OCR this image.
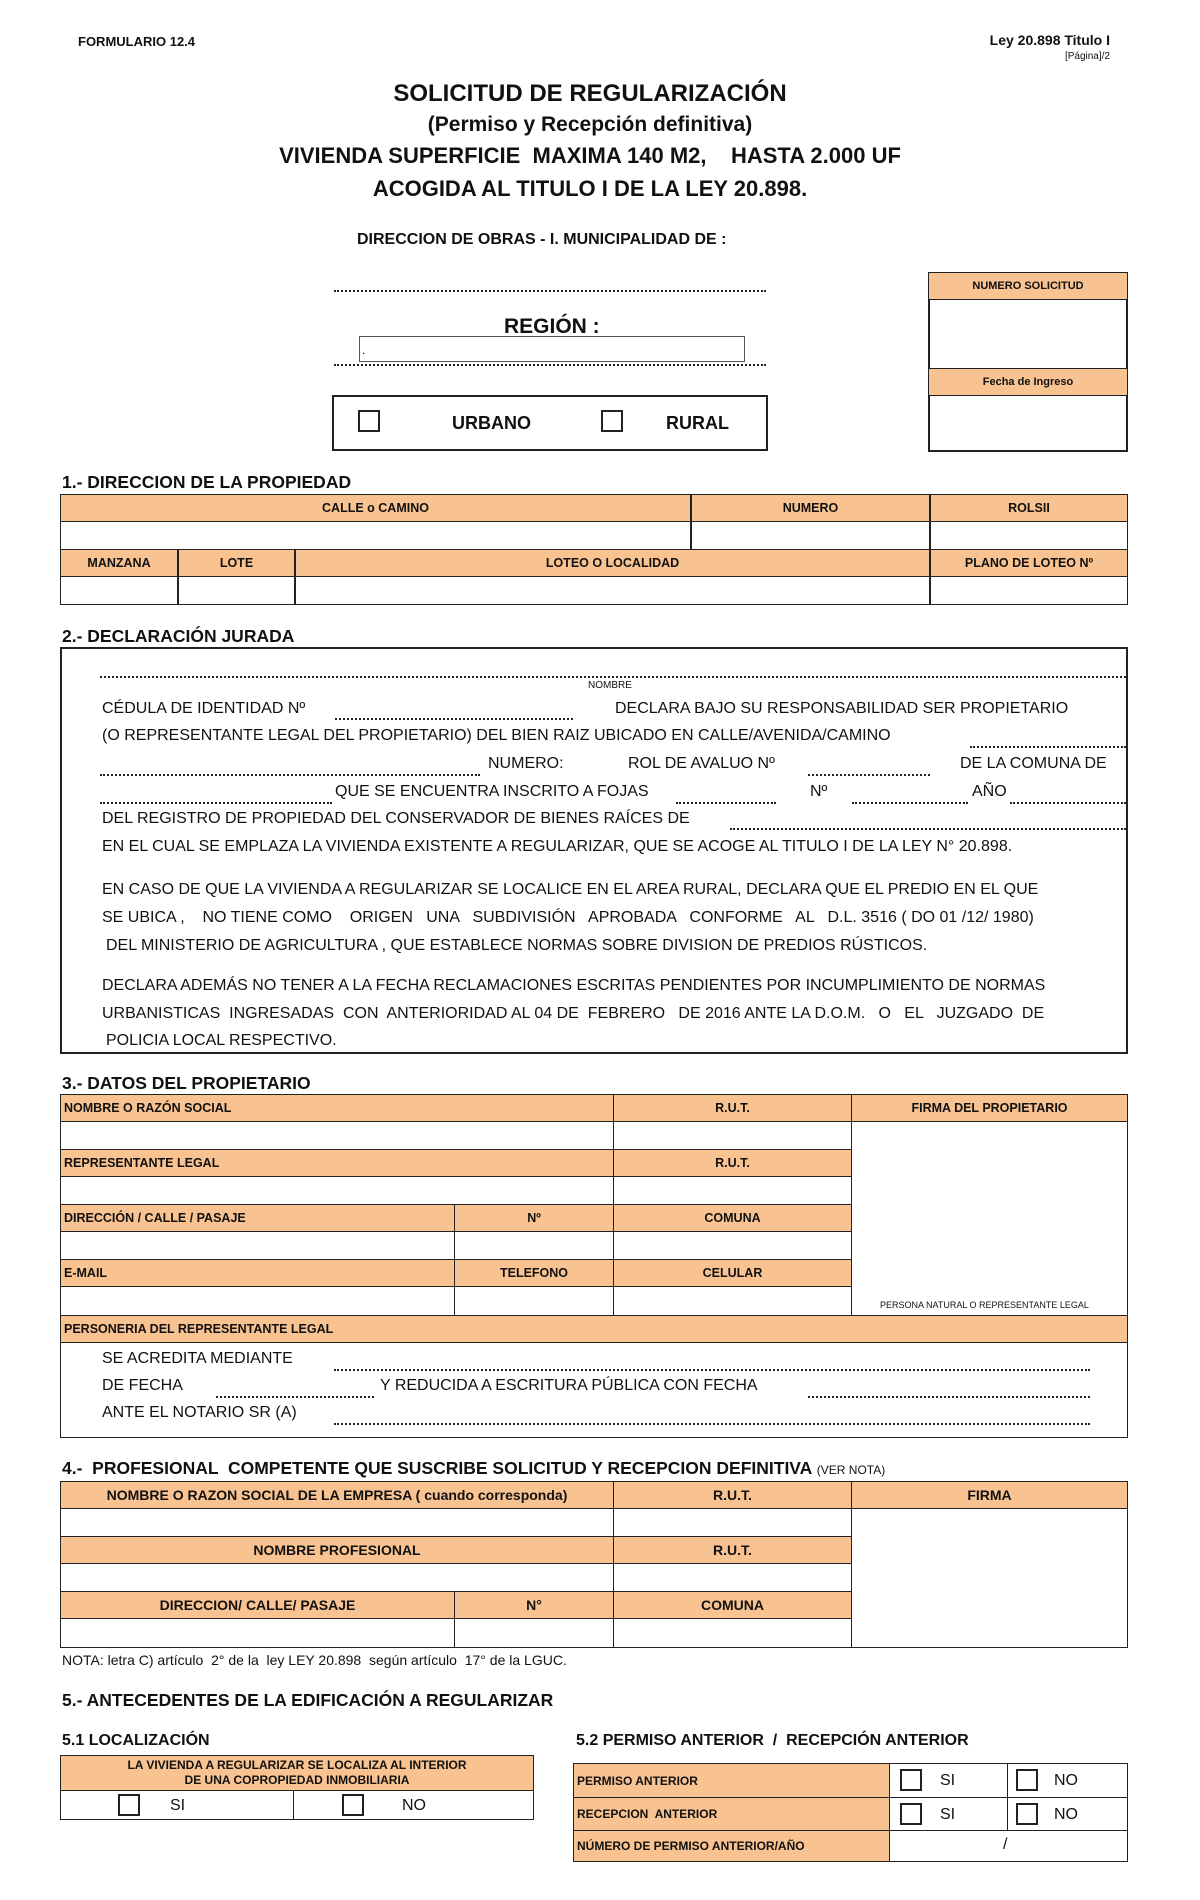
FORMULARIO 12.4	Ley 20.898 Titulo I
[Página]/2
SOLICITUD DE REGULARIZACIÓN
(Permiso y Recepción definitiva)
VIVIENDA SUPERFICIE  MAXIMA 140 M2,    HASTA 2.000 UF
ACOGIDA AL TITULO I DE LA LEY 20.898.
DIRECCION DE OBRAS - I. MUNICIPALIDAD DE :
REGIÓN :
.
URBANO	RURAL
NUMERO SOLICITUD
Fecha de Ingreso
1.- DIRECCION DE LA PROPIEDAD
CALLE o CAMINO	NUMERO	ROLSII
MANZANA	LOTE	LOTEO O LOCALIDAD	PLANO DE LOTEO Nº
2.- DECLARACIÓN JURADA
NOMBRE
CÉDULA DE IDENTIDAD Nº	DECLARA BAJO SU RESPONSABILIDAD SER PROPIETARIO
(O REPRESENTANTE LEGAL DEL PROPIETARIO) DEL BIEN RAIZ UBICADO EN CALLE/AVENIDA/CAMINO
NUMERO:	ROL DE AVALUO Nº	DE LA COMUNA DE
QUE SE ENCUENTRA INSCRITO A FOJAS	Nº	AÑO
DEL REGISTRO DE PROPIEDAD DEL CONSERVADOR DE BIENES RAÍCES DE
EN EL CUAL SE EMPLAZA LA VIVIENDA EXISTENTE A REGULARIZAR, QUE SE ACOGE AL TITULO I DE LA LEY N° 20.898.
EN CASO DE QUE LA VIVIENDA A REGULARIZAR SE LOCALICE EN EL AREA RURAL, DECLARA QUE EL PREDIO EN EL QUE
SE UBICA ,    NO TIENE COMO    ORIGEN   UNA   SUBDIVISIÓN   APROBADA   CONFORME   AL   D.L. 3516 ( DO 01 /12/ 1980)
DEL MINISTERIO DE AGRICULTURA , QUE ESTABLECE NORMAS SOBRE DIVISION DE PREDIOS RÚSTICOS.
DECLARA ADEMÁS NO TENER A LA FECHA RECLAMACIONES ESCRITAS PENDIENTES POR INCUMPLIMIENTO DE NORMAS
URBANISTICAS  INGRESADAS  CON  ANTERIORIDAD AL 04 DE  FEBRERO   DE 2016 ANTE LA D.O.M.   O   EL   JUZGADO  DE
POLICIA LOCAL RESPECTIVO.
3.- DATOS DEL PROPIETARIO
NOMBRE O RAZÓN SOCIAL	R.U.T.	FIRMA DEL PROPIETARIO
REPRESENTANTE LEGAL	R.U.T.
DIRECCIÓN / CALLE / PASAJE	Nº	COMUNA
E-MAIL	TELEFONO	CELULAR
PERSONA NATURAL O REPRESENTANTE LEGAL
PERSONERIA DEL REPRESENTANTE LEGAL
SE ACREDITA MEDIANTE
DE FECHA	Y REDUCIDA A ESCRITURA PÚBLICA CON FECHA
ANTE EL NOTARIO SR (A)
4.-  PROFESIONAL  COMPETENTE QUE SUSCRIBE SOLICITUD Y RECEPCION DEFINITIVA (VER NOTA)
NOMBRE O RAZON SOCIAL DE LA EMPRESA ( cuando corresponda)	R.U.T.	FIRMA
NOMBRE PROFESIONAL	R.U.T.
DIRECCION/ CALLE/ PASAJE	N°	COMUNA
NOTA: letra C) artículo  2° de la  ley LEY 20.898  según artículo  17° de la LGUC.
5.- ANTECEDENTES DE LA EDIFICACIÓN A REGULARIZAR
5.1 LOCALIZACIÓN
LA VIVIENDA A REGULARIZAR SE LOCALIZA AL INTERIOR DE UNA COPROPIEDAD INMOBILIARIA
SI	NO
5.2 PERMISO ANTERIOR  /  RECEPCIÓN ANTERIOR
PERMISO ANTERIOR	SI	NO
RECEPCION  ANTERIOR	SI	NO
NÚMERO DE PERMISO ANTERIOR/AÑO	/
